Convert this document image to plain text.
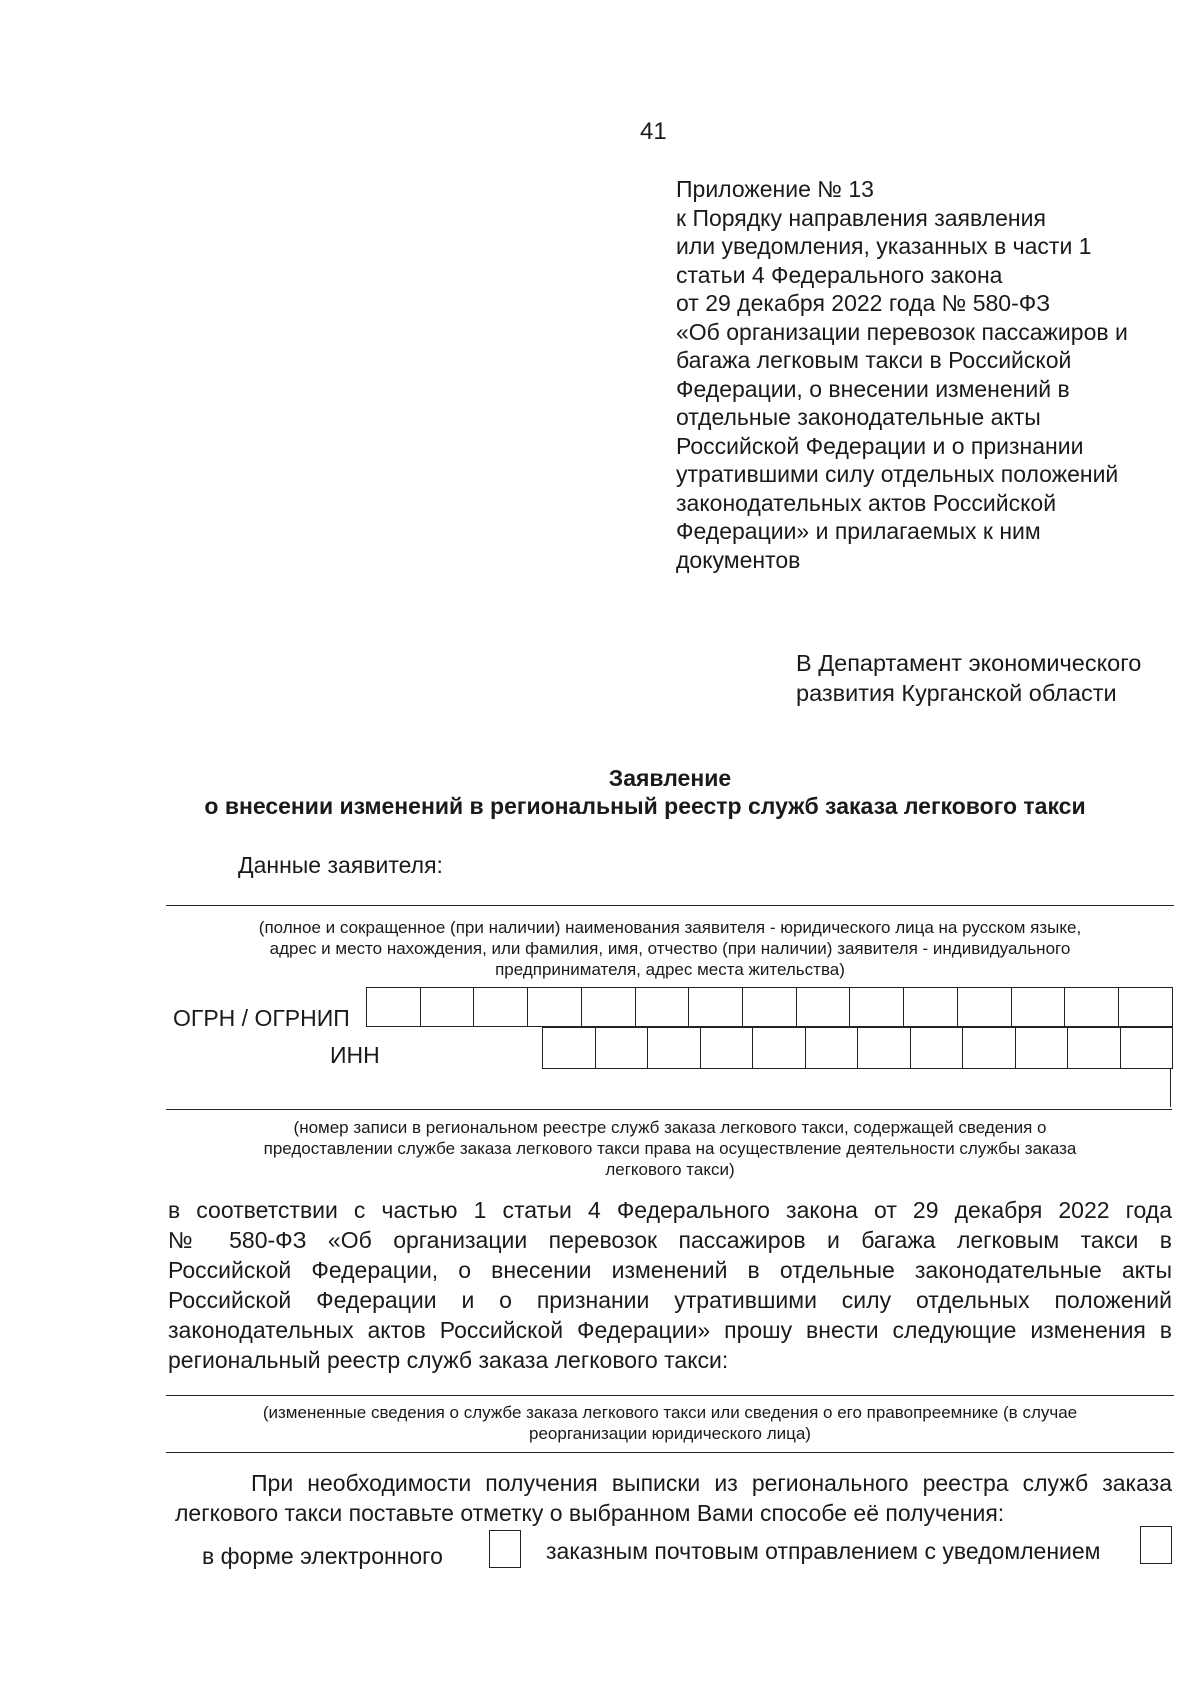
41
Приложение № 13
к Порядку направления заявления
или уведомления, указанных в части 1
статьи 4 Федерального закона
от 29 декабря 2022 года № 580-ФЗ
«Об организации перевозок пассажиров и
багажа легковым такси в Российской
Федерации, о внесении изменений в
отдельные законодательные акты
Российской Федерации и о признании
утратившими силу отдельных положений
законодательных актов Российской
Федерации» и прилагаемых к ним
документов
В Департамент экономического
развития Курганской области
Заявление
о внесении изменений в региональный реестр служб заказа легкового такси
Данные заявителя:
(полное и сокращенное (при наличии) наименования заявителя - юридического лица на русском языке,
адрес и место нахождения, или фамилия, имя, отчество (при наличии) заявителя - индивидуального
предпринимателя, адрес места жительства)
ОГРН / ОГРНИП

ИНН

(номер записи в региональном реестре служб заказа легкового такси, содержащей сведения о
предоставлении службе заказа легкового такси права на осуществление деятельности службы заказа
легкового такси)
в соответствии с частью 1 статьи 4 Федерального закона от 29 декабря 2022 года
№ 580-ФЗ «Об организации перевозок пассажиров и багажа легковым такси в
Российской Федерации, о внесении изменений в отдельные законодательные акты
Российской Федерации и о признании утратившими силу отдельных положений
законодательных актов Российской Федерации» прошу внести следующие изменения в
региональный реестр служб заказа легкового такси:
(измененные сведения о службе заказа легкового такси или сведения о его правопреемнике (в случае
реорганизации юридического лица)
При необходимости получения выписки из регионального реестра служб заказа
легкового такси поставьте отметку о выбранном Вами способе её получения:
в форме электронного	заказным почтовым отправлением с уведомлением
